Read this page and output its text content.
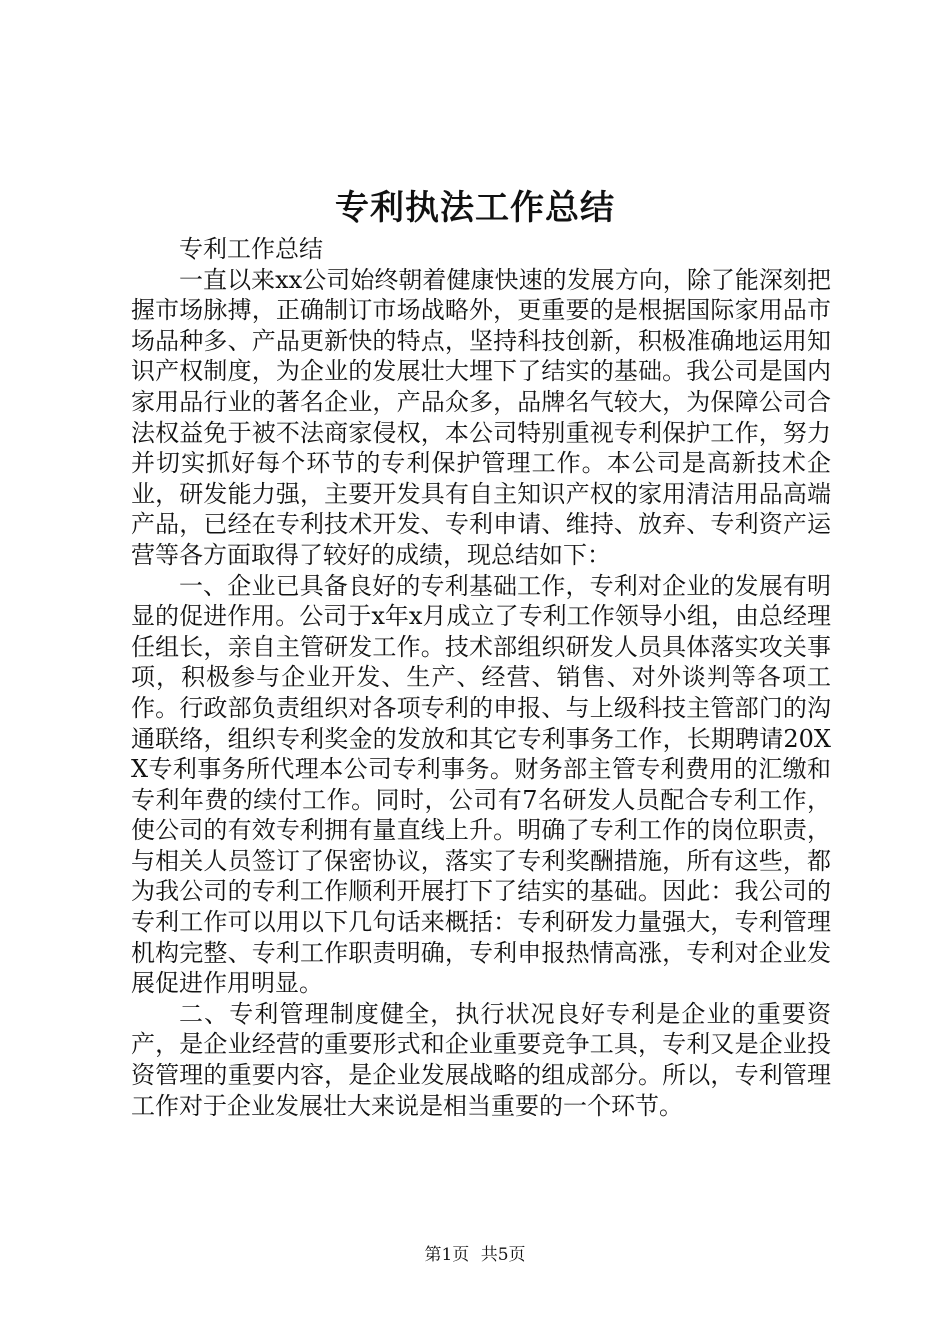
专利执法工作总结

专利工作总结

一直以来xx公司始终朝着健康快速的发展方向，除了能深刻把握市场脉搏，正确制订市场战略外，更重要的是根据国际家用品市场品种多、产品更新快的特点，坚持科技创新，积极准确地运用知识产权制度，为企业的发展壮大埋下了结实的基础。我公司是国内家用品行业的著名企业，产品众多，品牌名气较大，为保障公司合法权益免于被不法商家侵权，本公司特别重视专利保护工作，努力并切实抓好每个环节的专利保护管理工作。本公司是高新技术企业，研发能力强，主要开发具有自主知识产权的家用清洁用品高端产品，已经在专利技术开发、专利申请、维持、放弃、专利资产运营等各方面取得了较好的成绩，现总结如下：

一、企业已具备良好的专利基础工作，专利对企业的发展有明显的促进作用。公司于x年x月成立了专利工作领导小组，由总经理任组长，亲自主管研发工作。技术部组织研发人员具体落实攻关事项，积极参与企业开发、生产、经营、销售、对外谈判等各项工作。行政部负责组织对各项专利的申报、与上级科技主管部门的沟通联络，组织专利奖金的发放和其它专利事务工作，长期聘请20XX专利事务所代理本公司专利事务。财务部主管专利费用的汇缴和专利年费的续付工作。同时，公司有7名研发人员配合专利工作，使公司的有效专利拥有量直线上升。明确了专利工作的岗位职责，与相关人员签订了保密协议，落实了专利奖酬措施，所有这些，都为我公司的专利工作顺利开展打下了结实的基础。因此：我公司的专利工作可以用以下几句话来概括：专利研发力量强大，专利管理机构完整、专利工作职责明确，专利申报热情高涨，专利对企业发展促进作用明显。

二、专利管理制度健全，执行状况良好专利是企业的重要资产，是企业经营的重要形式和企业重要竞争工具，专利又是企业投资管理的重要内容，是企业发展战略的组成部分。所以，专利管理工作对于企业发展壮大来说是相当重要的一个环节。

第1页 共5页
